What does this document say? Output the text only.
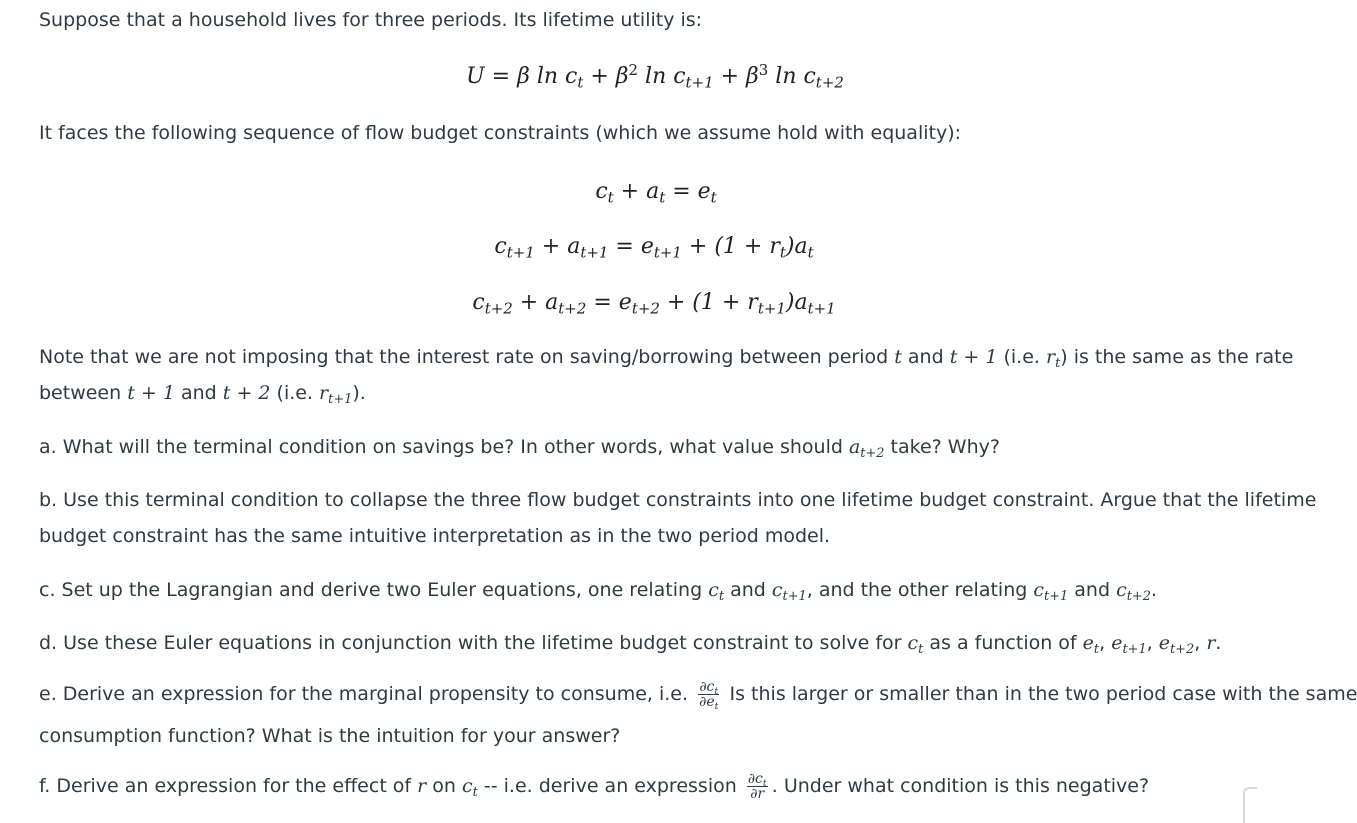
Suppose that a household lives for three periods. Its lifetime utility is:
U = β $\ln c_t + \beta^2$ $\ln c_{t+1} + \beta^3$ $\ln c_{t+2}$
It faces the following sequence of flow budget constraints (which we assume hold with equality):
$c_t + a_t = e_t$
$c_{t+1} + a_{t+1} = e_{t+1} + (1 + r_t)a_t$
$c_{t+2} + a_{t+2} = e_{t+2} + (1 + r_{t+1})a_{t+1}$
Note that we are not imposing that the interest rate on saving/borrowing between period t and t + 1 (i.e. $r_t$) is the same as the rate
between t + 1 and t + 2 (i.e. $r_{t+1}$).
a. What will the terminal condition on savings be? In other words, what value should $a_{t+2}$ take? Why?
b. Use this terminal condition to collapse the three flow budget constraints into one lifetime budget constraint. Argue that the lifetime
budget constraint has the same intuitive interpretation as in the two period model.
c. Set up the Lagrangian and derive two Euler equations, one relating $c_t$ and $c_{t+1}$, and the other relating $c_{t+1}$ and $c_{t+2}$.
d. Use these Euler equations in conjunction with the lifetime budget constraint to solve for $c_t$ as a function of $e_t$, $e_{t+1}$, $e_{t+2}$, r.
e. Derive an expression for the marginal propensity to consume, i.e. $\frac{\partial c_t}{\partial e_t}$ Is this larger or smaller than in the two period case with the same
consumption function? What is the intuition for your answer?
f. Derive an expression for the effect of r on $c_t -- i.e$. derive an expression $\frac{\partial c_t}{\partial r}$ . Under what condition is this negative?
